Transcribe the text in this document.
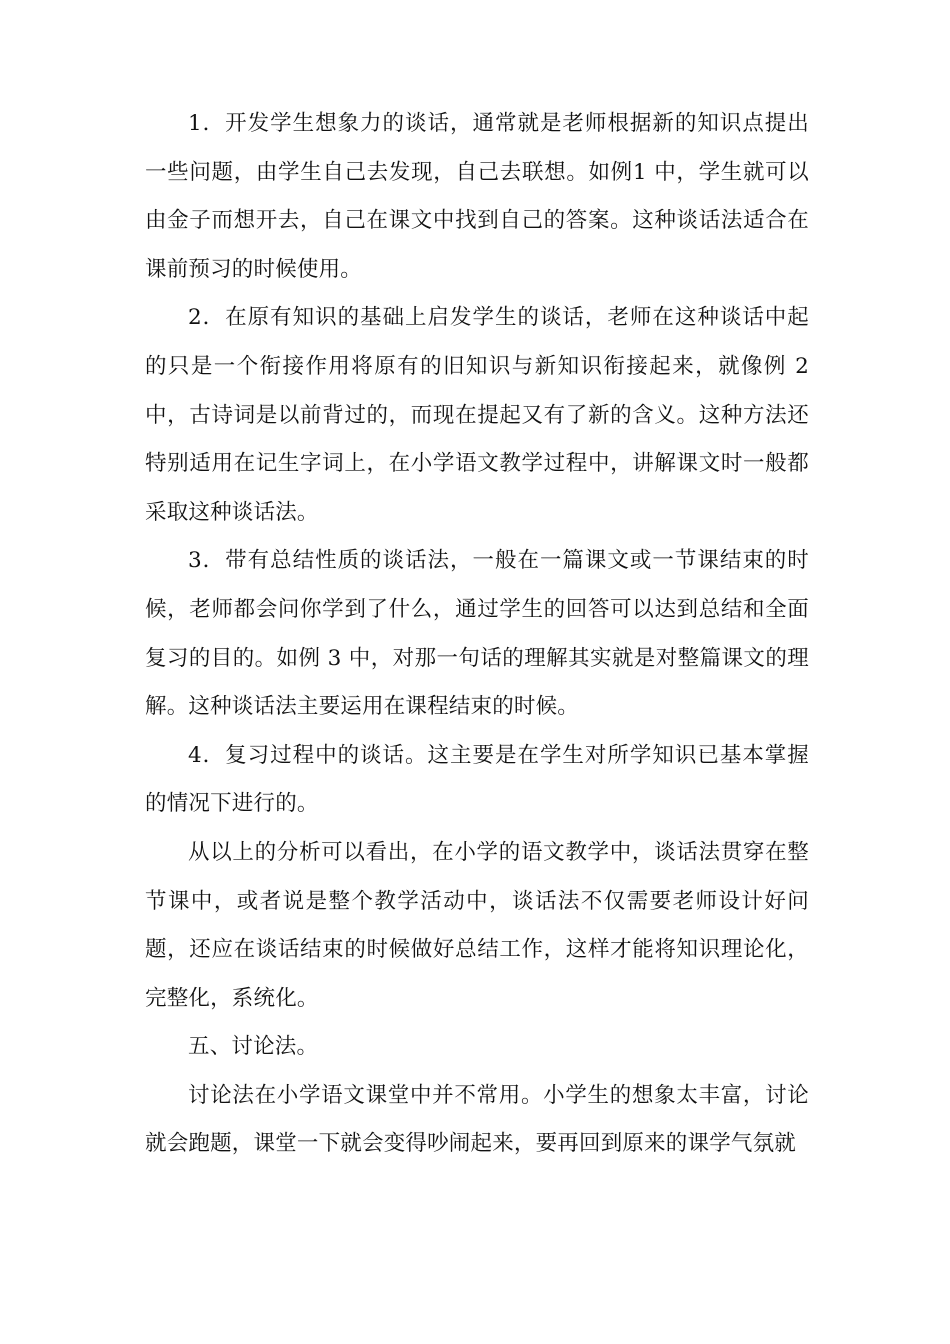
1．开发学生想象力的谈话，通常就是老师根据新的知识点提出一些问题，由学生自己去发现，自己去联想。如例1 中，学生就可以由金子而想开去，自己在课文中找到自己的答案。这种谈话法适合在课前预习的时候使用。

2．在原有知识的基础上启发学生的谈话，老师在这种谈话中起的只是一个衔接作用将原有的旧知识与新知识衔接起来，就像例 2 中，古诗词是以前背过的，而现在提起又有了新的含义。这种方法还特别适用在记生字词上，在小学语文教学过程中，讲解课文时一般都采取这种谈话法。

3．带有总结性质的谈话法，一般在一篇课文或一节课结束的时候，老师都会问你学到了什么，通过学生的回答可以达到总结和全面复习的目的。如例 3 中，对那一句话的理解其实就是对整篇课文的理解。这种谈话法主要运用在课程结束的时候。

4．复习过程中的谈话。这主要是在学生对所学知识已基本掌握的情况下进行的。

从以上的分析可以看出，在小学的语文教学中，谈话法贯穿在整节课中，或者说是整个教学活动中，谈话法不仅需要老师设计好问题，还应在谈话结束的时候做好总结工作，这样才能将知识理论化，完整化，系统化。

五、讨论法。

讨论法在小学语文课堂中并不常用。小学生的想象太丰富，讨论就会跑题，课堂一下就会变得吵闹起来，要再回到原来的课学气氛就
